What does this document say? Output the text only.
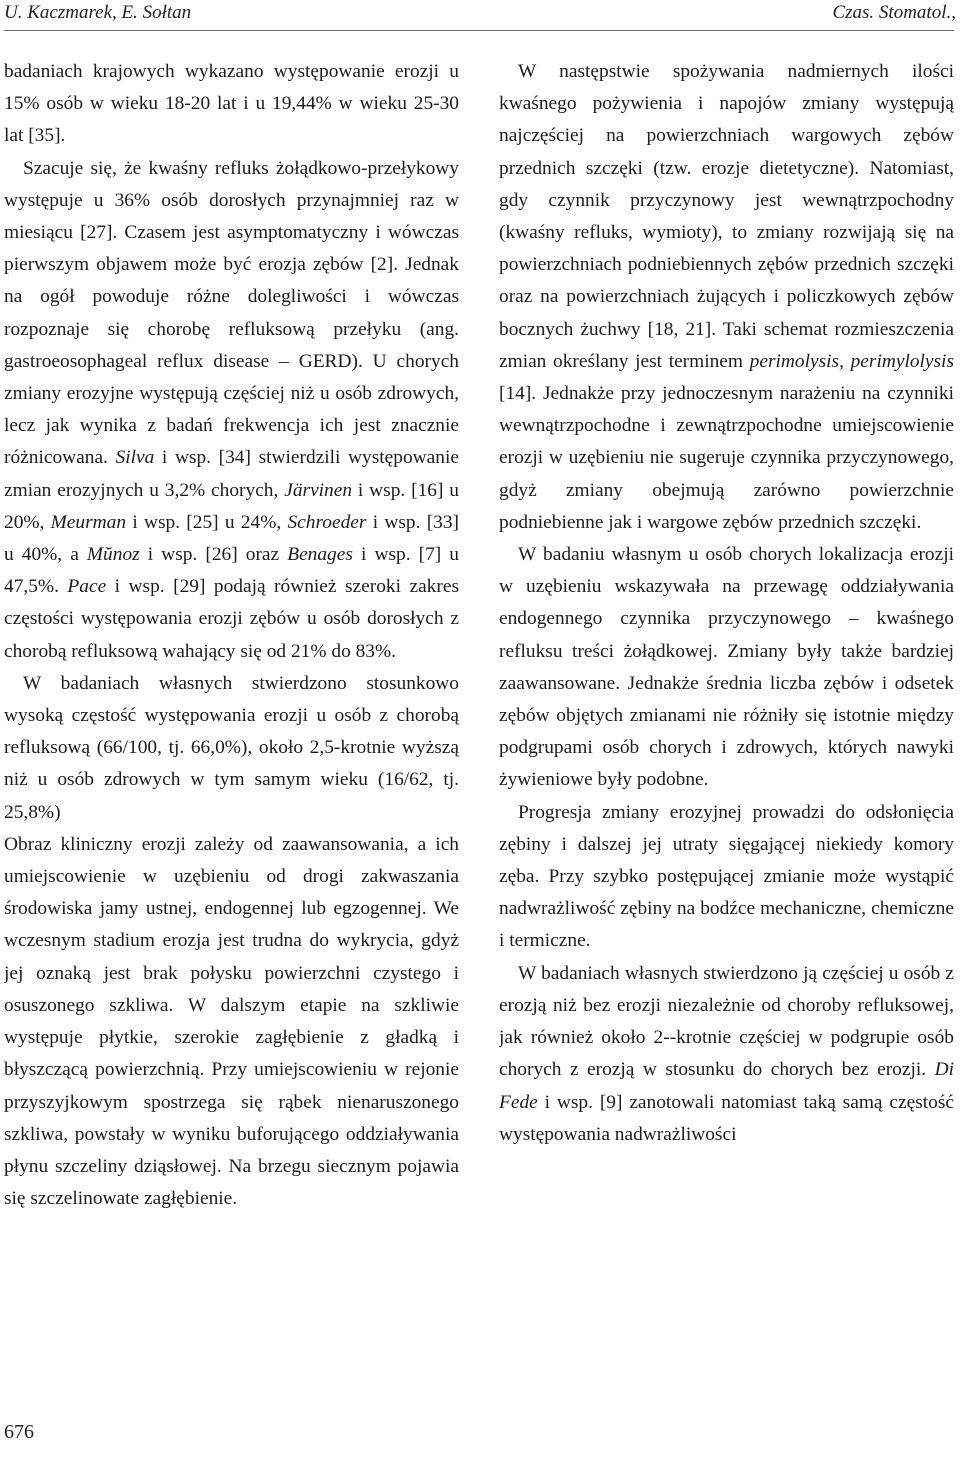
U. Kaczmarek, E. Sołtan	Czas. Stomatol.,

badaniach krajowych wykazano występowanie erozji u 15% osób w wieku 18-20 lat i u 19,44% w wieku 25-30 lat [35].

Szacuje się, że kwaśny refluks żołądkowo-przełykowy występuje u 36% osób dorosłych przynajmniej raz w miesiącu [27]. Czasem jest asymptomatyczny i wówczas pierwszym objawem może być erozja zębów [2]. Jednak na ogół powoduje różne dolegliwości i wówczas rozpoznaje się chorobę refluksową przełyku (ang. gastroeosophageal reflux disease – GERD). U chorych zmiany erozyjne występują częściej niż u osób zdrowych, lecz jak wynika z badań frekwencja ich jest znacznie różnicowana. Silva i wsp. [34] stwierdzili występowanie zmian erozyjnych u 3,2% chorych, Järvinen i wsp. [16] u 20%, Meurman i wsp. [25] u 24%, Schroeder i wsp. [33] u 40%, a Mŭnoz i wsp. [26] oraz Benages i wsp. [7] u 47,5%. Pace i wsp. [29] podają również szeroki zakres częstości występowania erozji zębów u osób dorosłych z chorobą refluksową wahający się od 21% do 83%.

W badaniach własnych stwierdzono stosunkowo wysoką częstość występowania erozji u osób z chorobą refluksową (66/100, tj. 66,0%), około 2,5-krotnie wyższą niż u osób zdrowych w tym samym wieku (16/62, tj. 25,8%)

Obraz kliniczny erozji zależy od zaawansowania, a ich umiejscowienie w uzębieniu od drogi zakwaszania środowiska jamy ustnej, endogennej lub egzogennej. We wczesnym stadium erozja jest trudna do wykrycia, gdyż jej oznaką jest brak połysku powierzchni czystego i osuszonego szkliwa. W dalszym etapie na szkliwie występuje płytkie, szerokie zagłębienie z gładką i błyszczącą powierzchnią. Przy umiejscowieniu w rejonie przyszyjkowym spostrzega się rąbek nienaruszonego szkliwa, powstały w wyniku buforującego oddziaływania płynu szczeliny dziąsłowej. Na brzegu siecznym pojawia się szczelinowate zagłębienie.

W następstwie spożywania nadmiernych ilości kwaśnego pożywienia i napojów zmiany występują najczęściej na powierzchniach wargowych zębów przednich szczęki (tzw. erozje dietetyczne). Natomiast, gdy czynnik przyczynowy jest wewnątrzpochodny (kwaśny refluks, wymioty), to zmiany rozwijają się na powierzchniach podniebiennych zębów przednich szczęki oraz na powierzchniach żujących i policzkowych zębów bocznych żuchwy [18, 21]. Taki schemat rozmieszczenia zmian określany jest terminem perimolysis, perimylolysis [14]. Jednakże przy jednoczesnym narażeniu na czynniki wewnątrzpochodne i zewnątrzpochodne umiejscowienie erozji w uzębieniu nie sugeruje czynnika przyczynowego, gdyż zmiany obejmują zarówno powierzchnie podniebienne jak i wargowe zębów przednich szczęki.

W badaniu własnym u osób chorych lokalizacja erozji w uzębieniu wskazywała na przewagę oddziaływania endogennego czynnika przyczynowego – kwaśnego refluksu treści żołądkowej. Zmiany były także bardziej zaawansowane. Jednakże średnia liczba zębów i odsetek zębów objętych zmianami nie różniły się istotnie między podgrupami osób chorych i zdrowych, których nawyki żywieniowe były podobne.

Progresja zmiany erozyjnej prowadzi do odsłonięcia zębiny i dalszej jej utraty sięgającej niekiedy komory zęba. Przy szybko postępującej zmianie może wystąpić nadwrażliwość zębiny na bodźce mechaniczne, chemiczne i termiczne.

W badaniach własnych stwierdzono ją częściej u osób z erozją niż bez erozji niezależnie od choroby refluksowej, jak również około 2--krotnie częściej w podgrupie osób chorych z erozją w stosunku do chorych bez erozji. Di Fede i wsp. [9] zanotowali natomiast taką samą częstość występowania nadwrażliwości

676
